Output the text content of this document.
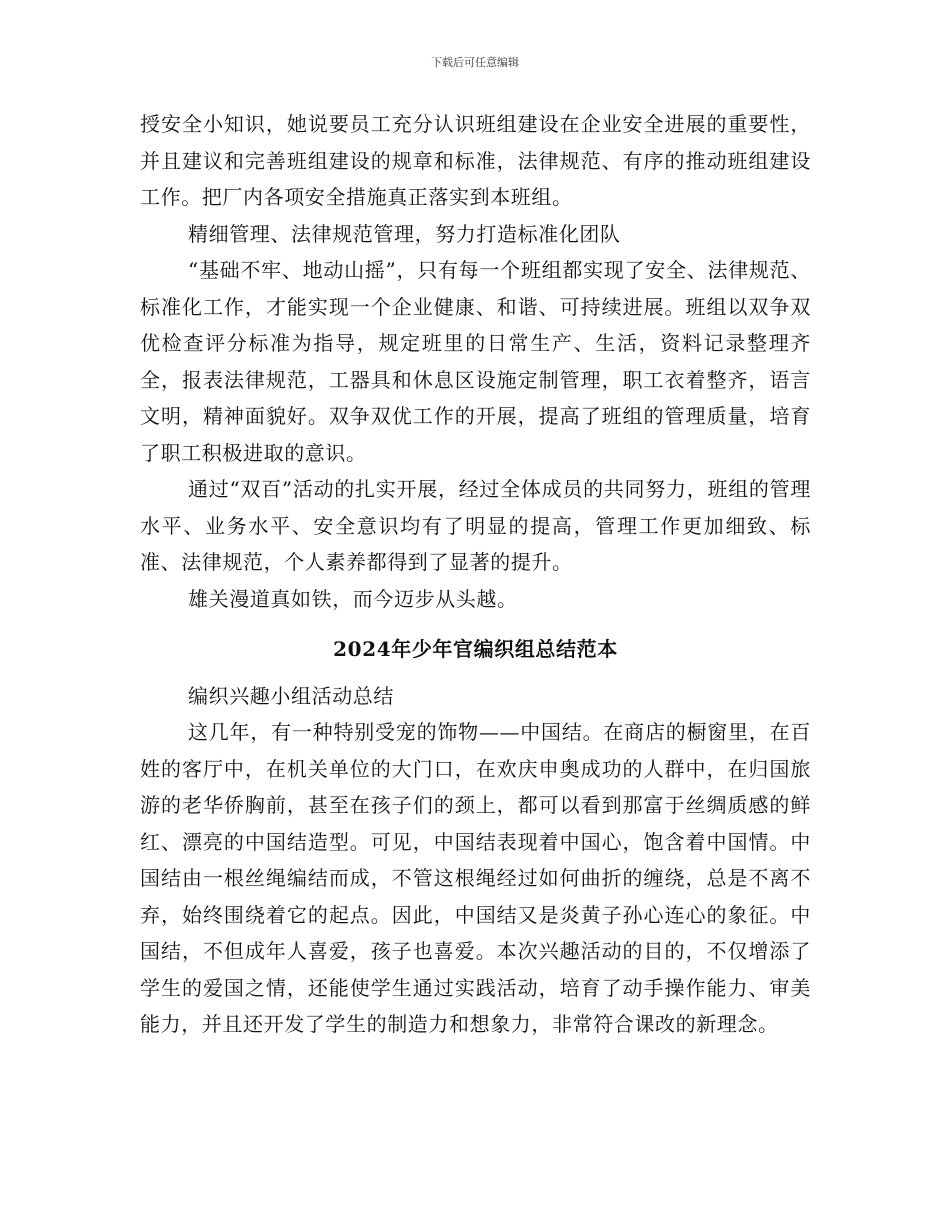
下载后可任意编辑

授安全小知识，她说要员工充分认识班组建设在企业安全进展的重要性，并且建议和完善班组建设的规章和标准，法律规范、有序的推动班组建设工作。把厂内各项安全措施真正落实到本班组。

精细管理、法律规范管理，努力打造标准化团队

“基础不牢、地动山摇”，只有每一个班组都实现了安全、法律规范、标准化工作，才能实现一个企业健康、和谐、可持续进展。班组以双争双优检查评分标准为指导，规定班里的日常生产、生活，资料记录整理齐全，报表法律规范，工器具和休息区设施定制管理，职工衣着整齐，语言文明，精神面貌好。双争双优工作的开展，提高了班组的管理质量，培育了职工积极进取的意识。

通过“双百”活动的扎实开展，经过全体成员的共同努力，班组的管理水平、业务水平、安全意识均有了明显的提高，管理工作更加细致、标准、法律规范，个人素养都得到了显著的提升。

雄关漫道真如铁，而今迈步从头越。

2024年少年官编织组总结范本

编织兴趣小组活动总结

这几年，有一种特别受宠的饰物——中国结。在商店的橱窗里，在百姓的客厅中，在机关单位的大门口，在欢庆申奥成功的人群中，在归国旅游的老华侨胸前，甚至在孩子们的颈上，都可以看到那富于丝绸质感的鲜红、漂亮的中国结造型。可见，中国结表现着中国心，饱含着中国情。中国结由一根丝绳编结而成，不管这根绳经过如何曲折的缠绕，总是不离不弃，始终围绕着它的起点。因此，中国结又是炎黄子孙心连心的象征。中国结，不但成年人喜爱，孩子也喜爱。本次兴趣活动的目的，不仅增添了学生的爱国之情，还能使学生通过实践活动，培育了动手操作能力、审美能力，并且还开发了学生的制造力和想象力，非常符合课改的新理念。
